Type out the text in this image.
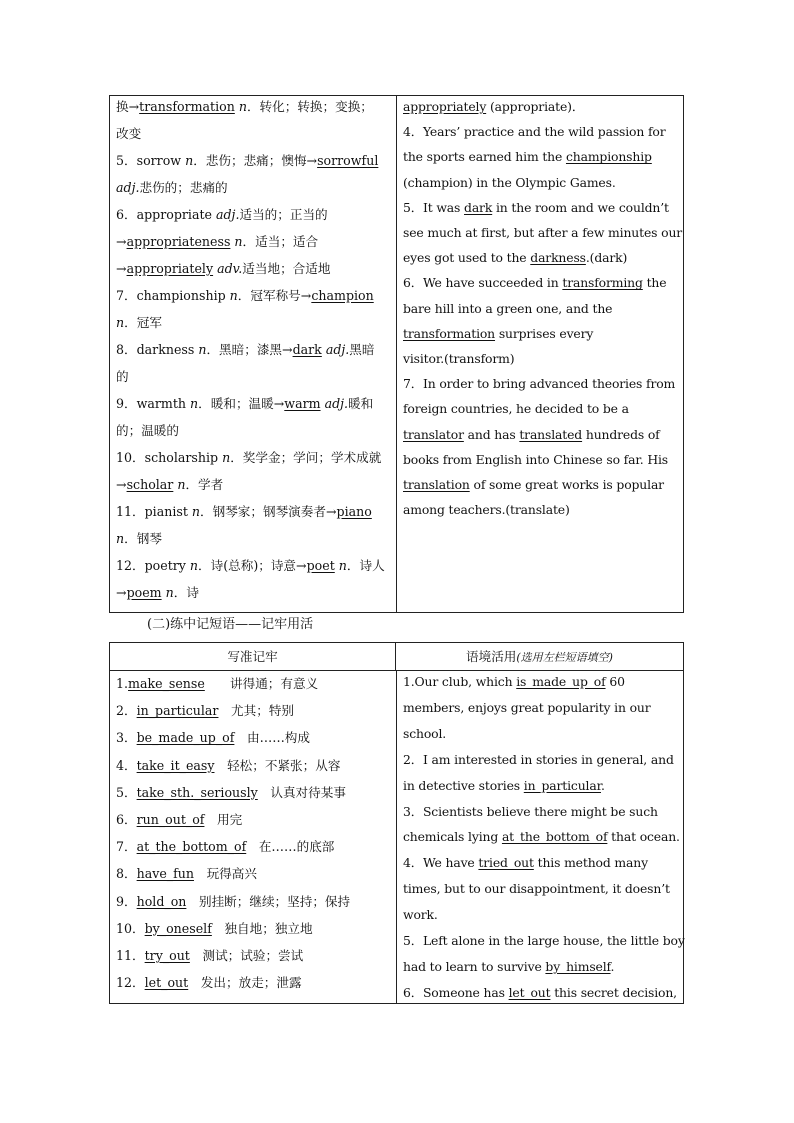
换→transformation n．转化；转换；变换；
改变
5．sorrow n．悲伤；悲痛；懊悔→sorrowful
adj.悲伤的；悲痛的
6．appropriate adj.适当的；正当的
→appropriateness n．适当；适合
→appropriately adv.适当地；合适地
7．championship n．冠军称号→champion
n．冠军
8．darkness n．黑暗；漆黑→dark adj.黑暗
的
9．warmth n．暖和；温暖→warm adj.暖和
的；温暖的
10．scholarship n．奖学金；学问；学术成就
→scholar n．学者
11．pianist n．钢琴家；钢琴演奏者→piano
n．钢琴
12．poetry n．诗(总称)；诗意→poet n．诗人
→poem n．诗
appropriately (appropriate)．
4．Years’ practice and the wild passion for
the sports earned him the championship
(champion) in the Olympic Games.
5．It was dark in the room and we couldn’t
see much at first, but after a few minutes our
eyes got used to the darkness.(dark)
6．We have succeeded in transforming the
bare hill into a green one, and the
transformation surprises every
visitor.(transform)
7．In order to bring advanced theories from
foreign countries, he decided to be a
translator and has translated hundreds of
books from English into Chinese so far. His
translation of some great works is popular
among teachers.(translate)
(二)练中记短语——记牢用活
写准记牢	语境活用(选用左栏短语填空)
1.make_sense　　讲得通；有意义
2．in_particular　尤其；特别
3．be_made_up_of　由……构成
4．take_it_easy　轻松；不紧张；从容
5．take_sth._seriously　认真对待某事
6．run_out_of　用完
7．at_the_bottom_of　在……的底部
8．have_fun　玩得高兴
9．hold_on　别挂断；继续；坚持；保持
10．by_oneself　独自地；独立地
11．try_out　测试；试验；尝试
12．let_out　发出；放走；泄露
1.Our club, which is_made_up_of 60
members, enjoys great popularity in our
school.
2．I am interested in stories in general, and
in detective stories in_particular.
3．Scientists believe there might be such
chemicals lying at_the_bottom_of that ocean.
4．We have tried_out this method many
times, but to our disappointment, it doesn’t
work.
5．Left alone in the large house, the little boy
had to learn to survive by_himself.
6．Someone has let_out this secret decision,
